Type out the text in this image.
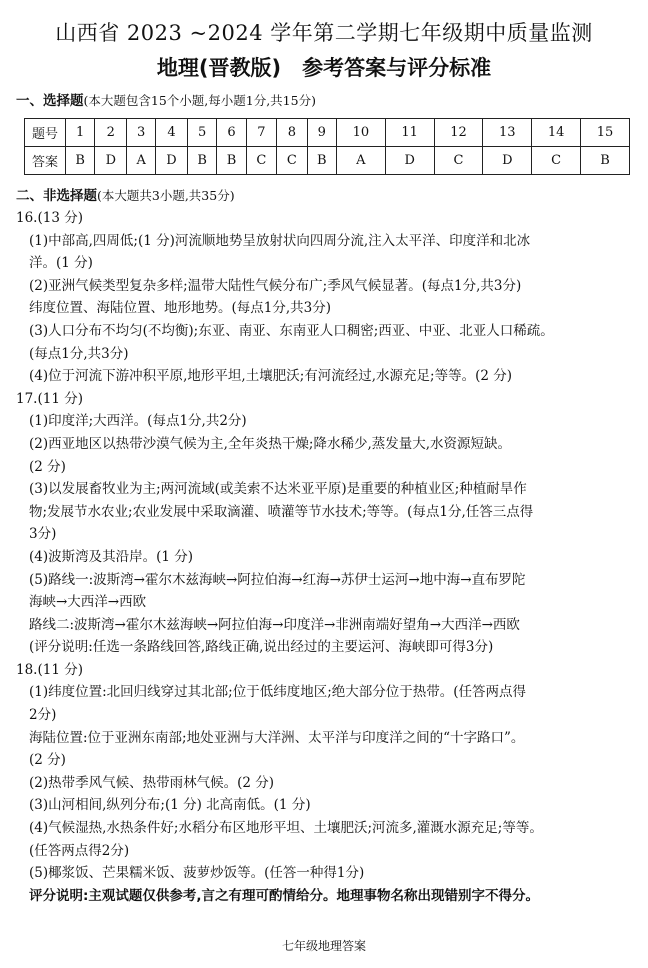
山西省 2023 ~2024 学年第二学期七年级期中质量监测
地理(晋教版)　参考答案与评分标准
一、选择题(本大题包含15个小题,每小题1分,共15分)
题号	1	2	3	4	5	6	7	8	9	10	11	12	13	14	15
答案	B	D	A	D	B	B	C	C	B	A	D	C	D	C	B
二、非选择题(本大题共3小题,共35分)

16.(13 分)

(1)中部高,四周低;(1 分)河流顺地势呈放射状向四周分流,注入太平洋、印度洋和北冰

洋。(1 分)

(2)亚洲气候类型复杂多样;温带大陆性气候分布广;季风气候显著。(每点1分,共3分)

纬度位置、海陆位置、地形地势。(每点1分,共3分)

(3)人口分布不均匀(不均衡);东亚、南亚、东南亚人口稠密;西亚、中亚、北亚人口稀疏。

(每点1分,共3分)

(4)位于河流下游冲积平原,地形平坦,土壤肥沃;有河流经过,水源充足;等等。(2 分)

17.(11 分)

(1)印度洋;大西洋。(每点1分,共2分)

(2)西亚地区以热带沙漠气候为主,全年炎热干燥;降水稀少,蒸发量大,水资源短缺。

(2 分)

(3)以发展畜牧业为主;两河流域(或美索不达米亚平原)是重要的种植业区;种植耐旱作

物;发展节水农业;农业发展中采取滴灌、喷灌等节水技术;等等。(每点1分,任答三点得

3分)

(4)波斯湾及其沿岸。(1 分)

(5)路线一:波斯湾→霍尔木兹海峡→阿拉伯海→红海→苏伊士运河→地中海→直布罗陀

海峡→大西洋→西欧

路线二:波斯湾→霍尔木兹海峡→阿拉伯海→印度洋→非洲南端好望角→大西洋→西欧

(评分说明:任选一条路线回答,路线正确,说出经过的主要运河、海峡即可得3分)

18.(11 分)

(1)纬度位置:北回归线穿过其北部;位于低纬度地区;绝大部分位于热带。(任答两点得

2分)

海陆位置:位于亚洲东南部;地处亚洲与大洋洲、太平洋与印度洋之间的“十字路口”。

(2 分)

(2)热带季风气候、热带雨林气候。(2 分)

(3)山河相间,纵列分布;(1 分) 北高南低。(1 分)

(4)气候湿热,水热条件好;水稻分布区地形平坦、土壤肥沃;河流多,灌溉水源充足;等等。

(任答两点得2分)

(5)椰浆饭、芒果糯米饭、菠萝炒饭等。(任答一种得1分)

评分说明:主观试题仅供参考,言之有理可酌情给分。地理事物名称出现错别字不得分。
七年级地理答案
